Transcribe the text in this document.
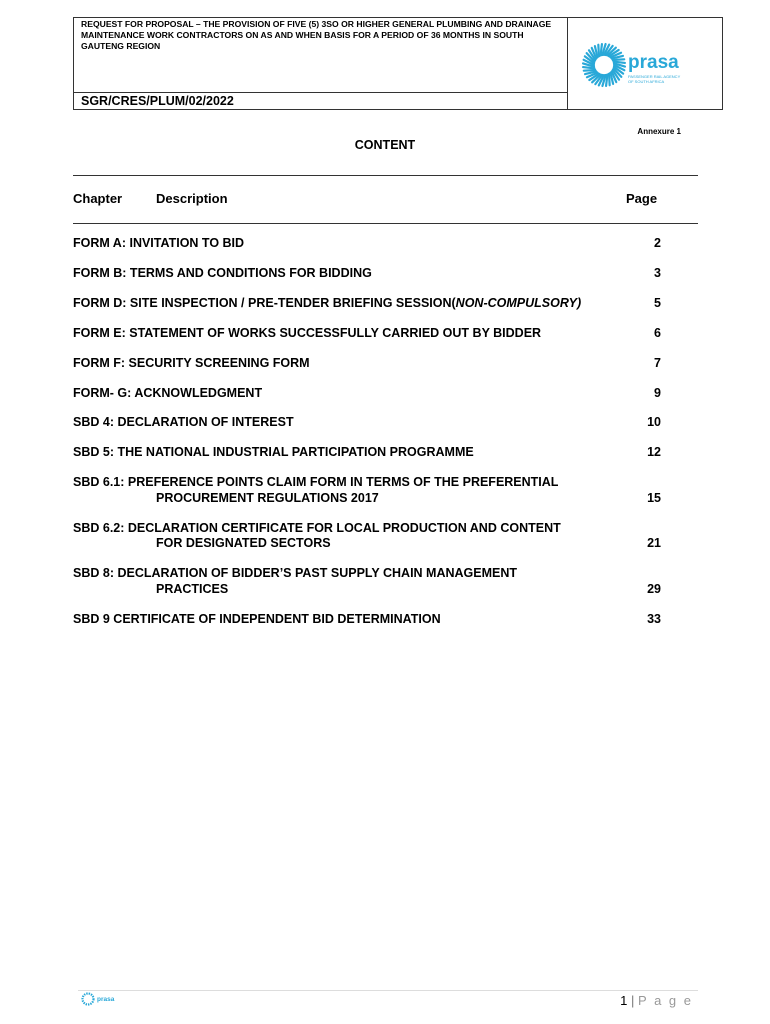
REQUEST FOR PROPOSAL – THE PROVISION OF FIVE (5) 3SO OR HIGHER GENERAL PLUMBING AND DRAINAGE MAINTENANCE WORK CONTRACTORS ON AS AND WHEN BASIS FOR A PERIOD OF 36 MONTHS IN SOUTH GAUTENG REGION

SGR/CRES/PLUM/02/2022
prasa
PASSENGER RAIL AGENCY
OF SOUTH AFRICA
Annexure 1
CONTENT
Chapter	Description	Page
FORM A: INVITATION TO BID	2
FORM B: TERMS AND CONDITIONS FOR BIDDING	3
FORM D: SITE INSPECTION / PRE-TENDER BRIEFING SESSION(NON-COMPULSORY)	5
FORM E: STATEMENT OF WORKS SUCCESSFULLY CARRIED OUT BY BIDDER	6
FORM F: SECURITY SCREENING FORM	7
FORM- G: ACKNOWLEDGMENT	9
SBD 4: DECLARATION OF INTEREST	10
SBD 5: THE NATIONAL INDUSTRIAL PARTICIPATION PROGRAMME	12
SBD 6.1: PREFERENCE POINTS CLAIM FORM IN TERMS OF THE PREFERENTIAL
PROCUREMENT REGULATIONS 2017	15
SBD 6.2: DECLARATION CERTIFICATE FOR LOCAL PRODUCTION AND CONTENT
FOR DESIGNATED SECTORS	21
SBD 8: DECLARATION OF BIDDER’S PAST SUPPLY CHAIN MANAGEMENT
PRACTICES	29
SBD 9 CERTIFICATE OF INDEPENDENT BID DETERMINATION	33
prasa	1 | P a g e
